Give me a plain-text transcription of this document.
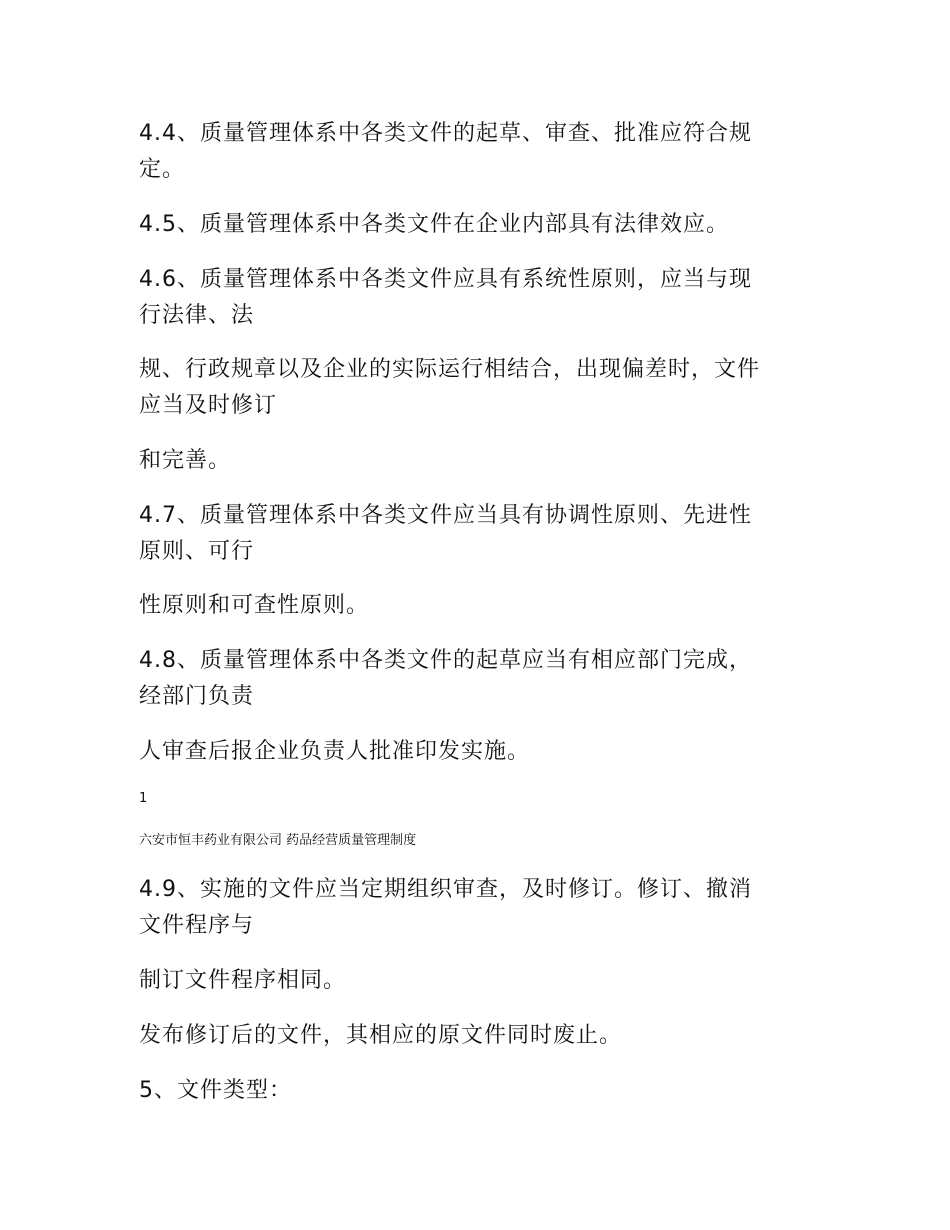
4.4、质量管理体系中各类文件的起草、审查、批准应符合规
定。
4.5、质量管理体系中各类文件在企业内部具有法律效应。
4.6、质量管理体系中各类文件应具有系统性原则，应当与现
行法律、法
规、行政规章以及企业的实际运行相结合，出现偏差时，文件
应当及时修订
和完善。
4.7、质量管理体系中各类文件应当具有协调性原则、先进性
原则、可行
性原则和可查性原则。
4.8、质量管理体系中各类文件的起草应当有相应部门完成，
经部门负责
人审查后报企业负责人批准印发实施。
1
六安市恒丰药业有限公司 药品经营质量管理制度
4.9、实施的文件应当定期组织审查，及时修订。修订、撤消
文件程序与
制订文件程序相同。
发布修订后的文件，其相应的原文件同时废止。
5、文件类型：
